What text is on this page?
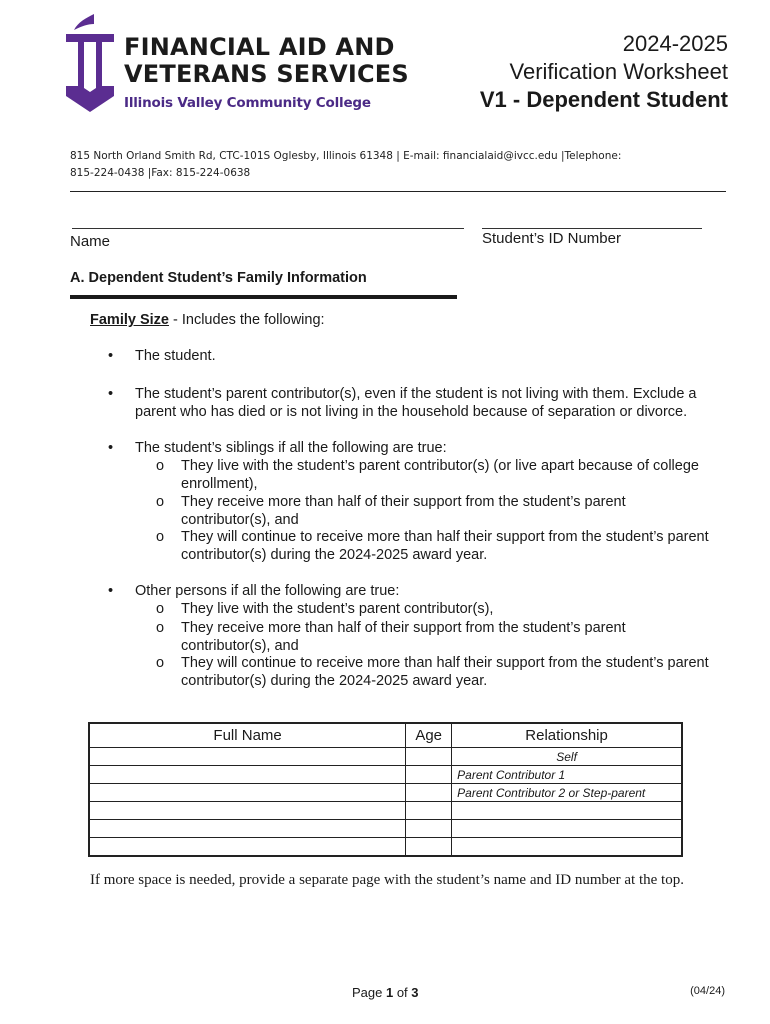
FINANCIAL AID AND
VETERANS SERVICES
Illinois Valley Community College
2024-2025
Verification Worksheet
V1 - Dependent Student
815 North Orland Smith Rd, CTC-101S Oglesby, Illinois 61348 | E-mail: financialaid@ivcc.edu |Telephone:
815-224-0438 |Fax: 815-224-0638
Name	Student’s ID Number
A. Dependent Student’s Family Information
Family Size - Includes the following:
• The student.
• The student’s parent contributor(s), even if the student is not living with them. Exclude a parent who has died or is not living in the household because of separation or divorce.
• The student’s siblings if all the following are true:
o They live with the student’s parent contributor(s) (or live apart because of college enrollment),
o They receive more than half of their support from the student’s parent contributor(s), and
o They will continue to receive more than half their support from the student’s parent contributor(s) during the 2024-2025 award year.
• Other persons if all the following are true:
o They live with the student’s parent contributor(s),
o They receive more than half of their support from the student’s parent contributor(s), and
o They will continue to receive more than half their support from the student’s parent contributor(s) during the 2024-2025 award year.
Full Name	Age	Relationship
		Self
		Parent Contributor 1
		Parent Contributor 2 or Step-parent

If more space is needed, provide a separate page with the student’s name and ID number at the top.
Page 1 of 3	(04/24)
